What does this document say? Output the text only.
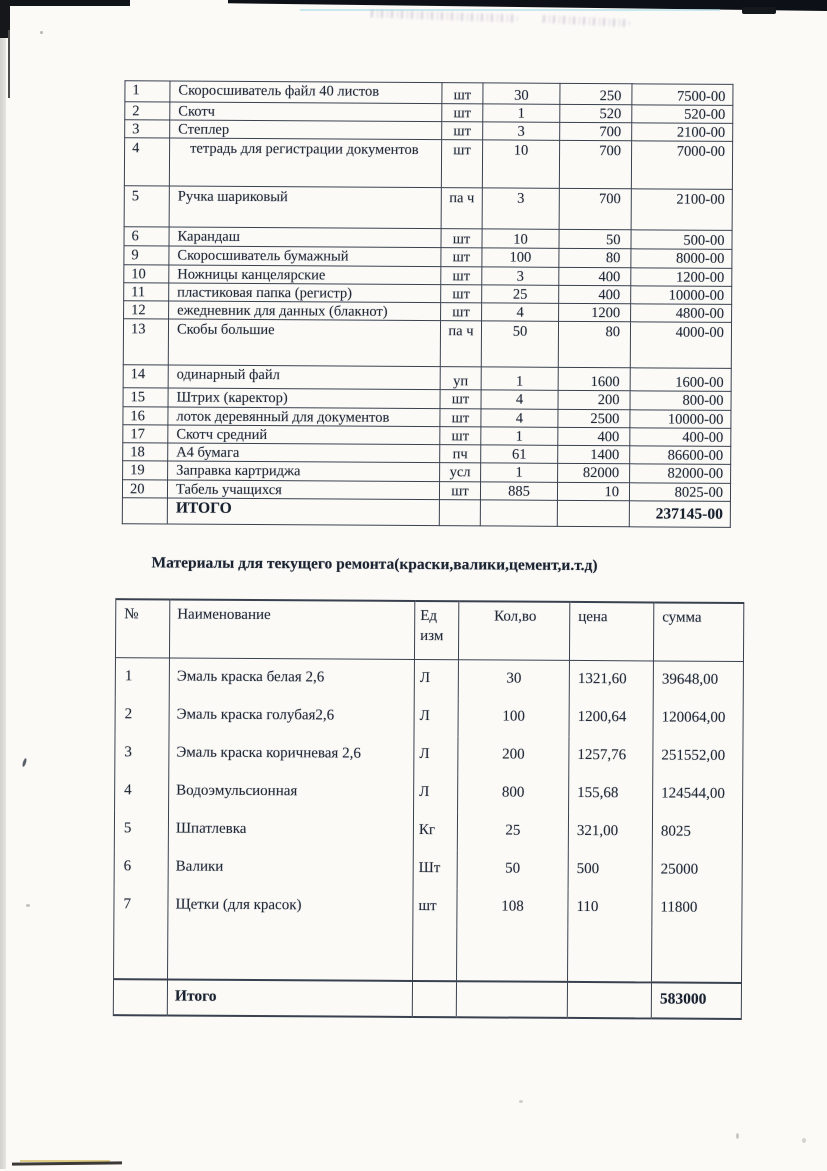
1	Скоросшиватель файл 40 листов	шт	30	250	7500-00
2	Скотч	шт	1	520	520-00
3	Степлер	шт	3	700	2100-00
4	тетрадь для регистрации документов	шт	10	700	7000-00
5	Ручка шариковый	па ч	3	700	2100-00
6	Карандаш	шт	10	50	500-00
9	Скоросшиватель бумажный	шт	100	80	8000-00
10	Ножницы канцелярские	шт	3	400	1200-00
11	пластиковая папка (регистр)	шт	25	400	10000-00
12	ежедневник для данных (блакнот)	шт	4	1200	4800-00
13	Скобы большие	па ч	50	80	4000-00
14	одинарный файл	уп	1	1600	1600-00
15	Штрих (каректор)	шт	4	200	800-00
16	лоток деревянный для документов	шт	4	2500	10000-00
17	Скотч средний	шт	1	400	400-00
18	А4 бумага	пч	61	1400	86600-00
19	Заправка картриджа	усл	1	82000	82000-00
20	Табель учащихся	шт	885	10	8025-00
	ИТОГО				237145-00
Материалы для текущего ремонта(краски,валики,цемент,и.т.д)
№	Наименование	Ед изм	Кол,во	цена	сумма
1	Эмаль краска белая 2,6	Л	30	1321,60	39648,00
2	Эмаль краска голубая2,6	Л	100	1200,64	120064,00
3	Эмаль краска коричневая 2,6	Л	200	1257,76	251552,00
4	Водоэмульсионная	Л	800	155,68	124544,00
5	Шпатлевка	Кг	25	321,00	8025
6	Валики	Шт	50	500	25000
7	Щетки (для красок)	шт	108	110	11800

	Итого				583000
